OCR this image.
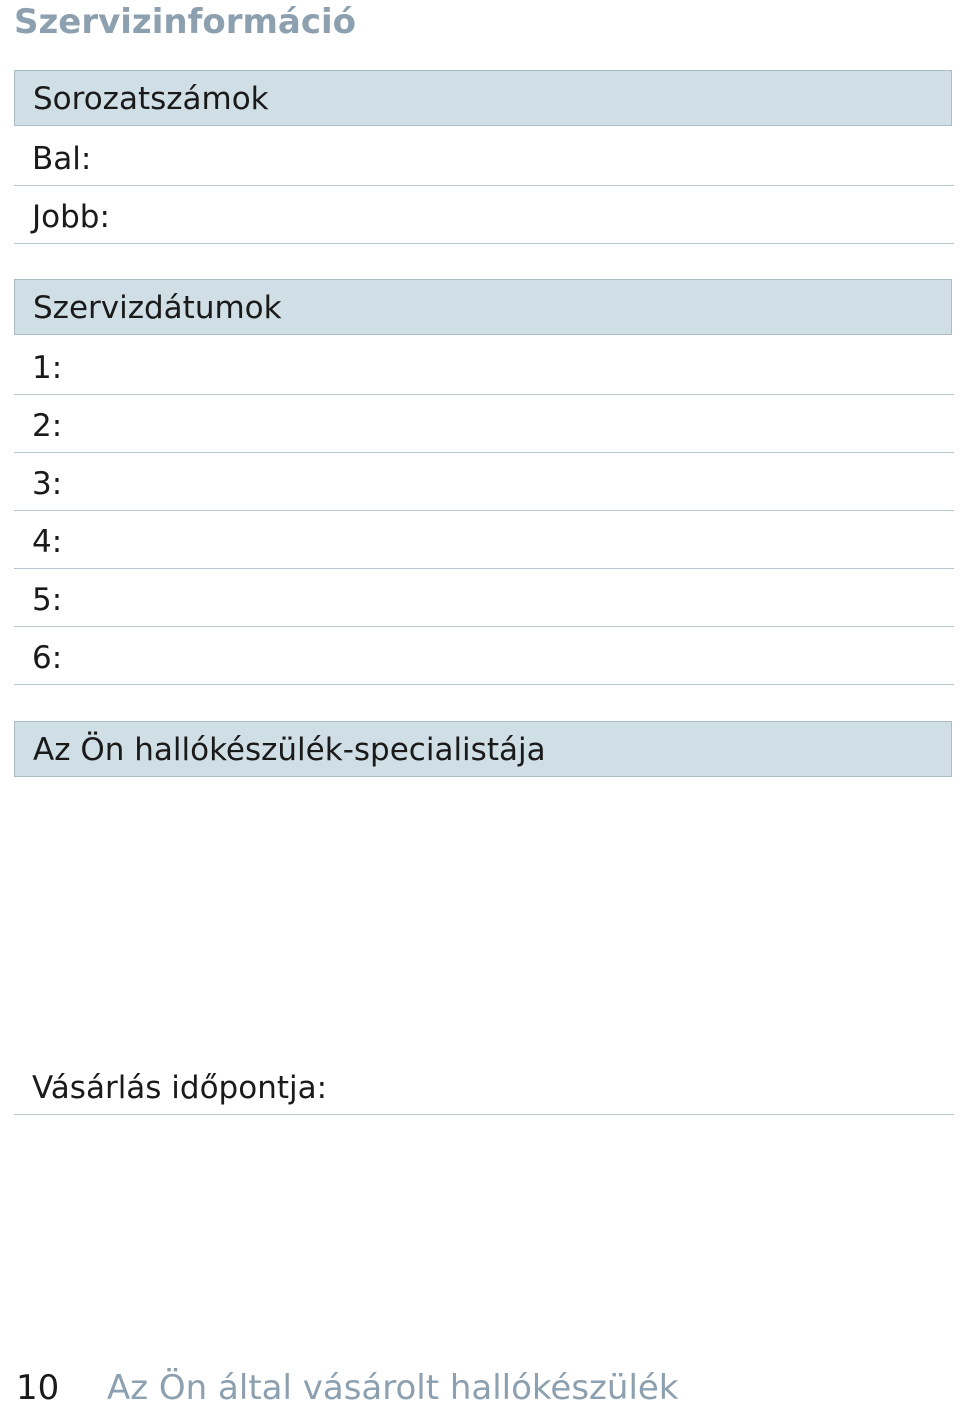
Szervizinformáció
Sorozatszámok
Bal:
Jobb:
Szervizdátumok
1:
2:
3:
4:
5:
6:
Az Ön hallókészülék-specialistája
Vásárlás időpontja:
10 Az Ön által vásárolt hallókészülék
